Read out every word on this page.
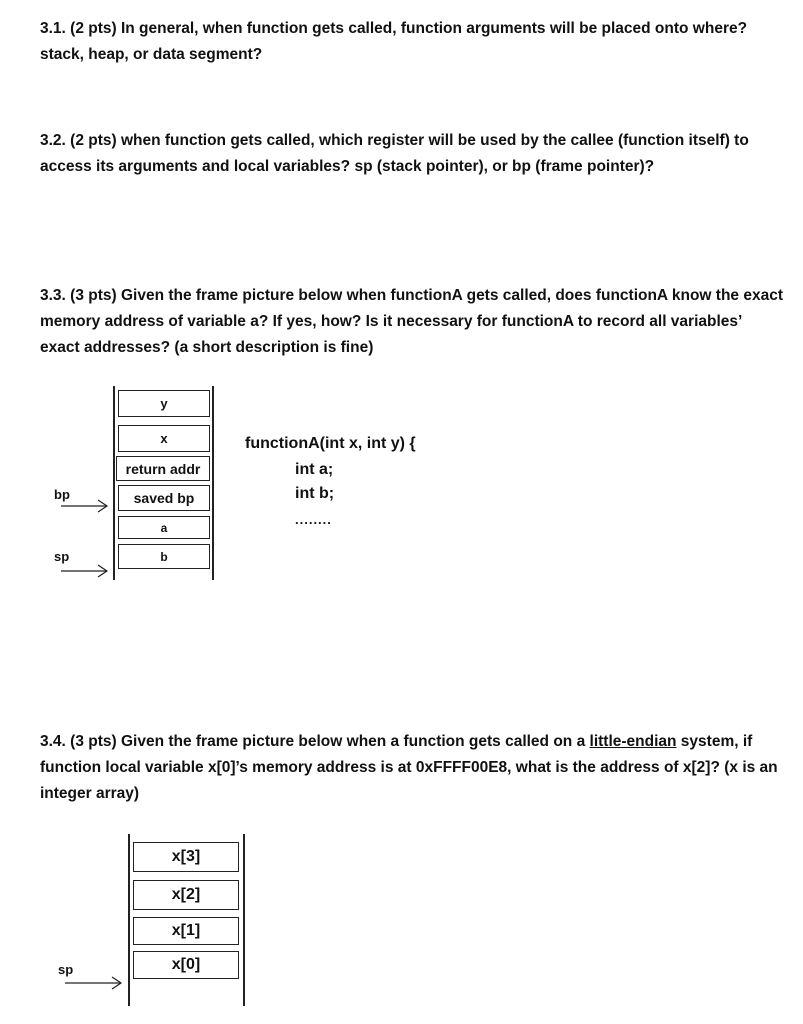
3.1. (2 pts) In general, when function gets called, function arguments will be placed onto where? stack, heap, or data segment?
3.2. (2 pts) when function gets called, which register will be used by the callee (function itself) to access its arguments and local variables? sp (stack pointer), or bp (frame pointer)?
3.3. (3 pts) Given the frame picture below when functionA gets called, does functionA know the exact memory address of variable a? If yes, how? Is it necessary for functionA to record all variables’ exact addresses? (a short description is fine)
3.4. (3 pts) Given the frame picture below when a function gets called on a little-endian system, if function local variable x[0]’s memory address is at 0xFFFF00E8, what is the address of x[2]? (x is an integer array)
y
x
return addr
saved bp
a
b
bp
sp
functionA(int x, int y) {
int a;
int b;
........
x[3]
x[2]
x[1]
x[0]
sp
